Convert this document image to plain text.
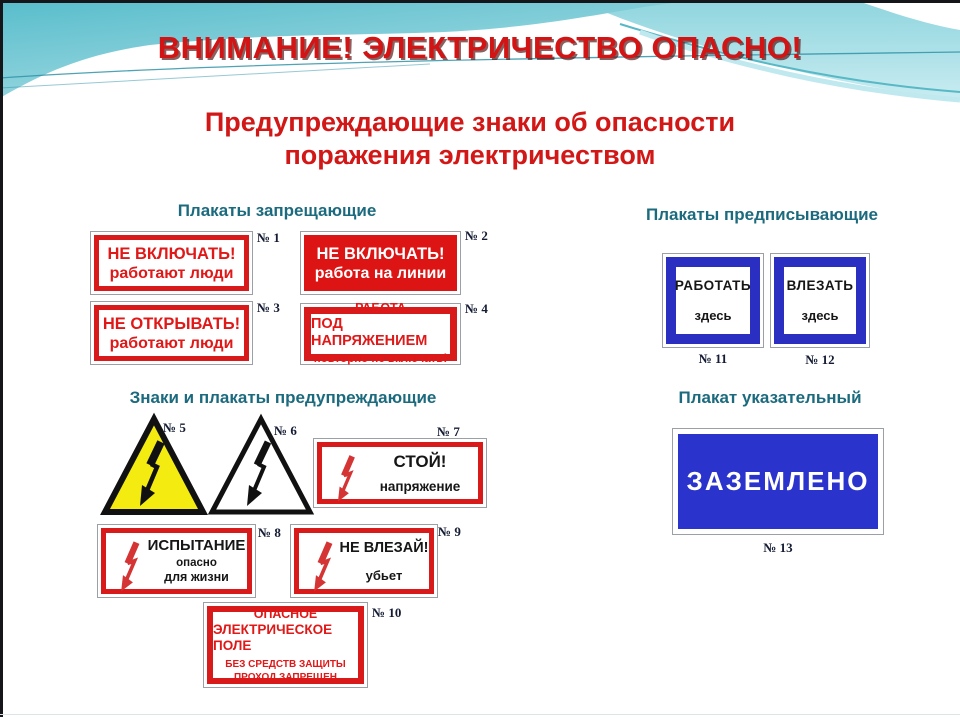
ВНИМАНИЕ! ЭЛЕКТРИЧЕСТВО ОПАСНО!
Предупреждающие знаки об опасности
поражения электричеством
Плакаты запрещающие	Плакаты предписывающие
Знаки и плакаты предупреждающие	Плакат указательный
НЕ ВКЛЮЧАТЬ!
работают люди
№ 1
НЕ ВКЛЮЧАТЬ!
работа на линии
№ 2
НЕ ОТКРЫВАТЬ!
работают люди
№ 3	РАБОТА
ПОД НАПРЯЖЕНИЕМ
повторно не включать!
№ 4
№ 5	№ 6
СТОЙ!
напряжение
№ 7
ИСПЫТАНИЕ
опасно
для жизни
№ 8
НЕ ВЛЕЗАЙ!
убьет
№ 9
ОПАСНОЕ
ЭЛЕКТРИЧЕСКОЕ ПОЛЕ
БЕЗ СРЕДСТВ ЗАЩИТЫ
ПРОХОД ЗАПРЕЩЕН
№ 10
РАБОТАТЬ
здесь
№ 11
ВЛЕЗАТЬ
здесь
№ 12
ЗАЗЕМЛЕНО
№ 13
